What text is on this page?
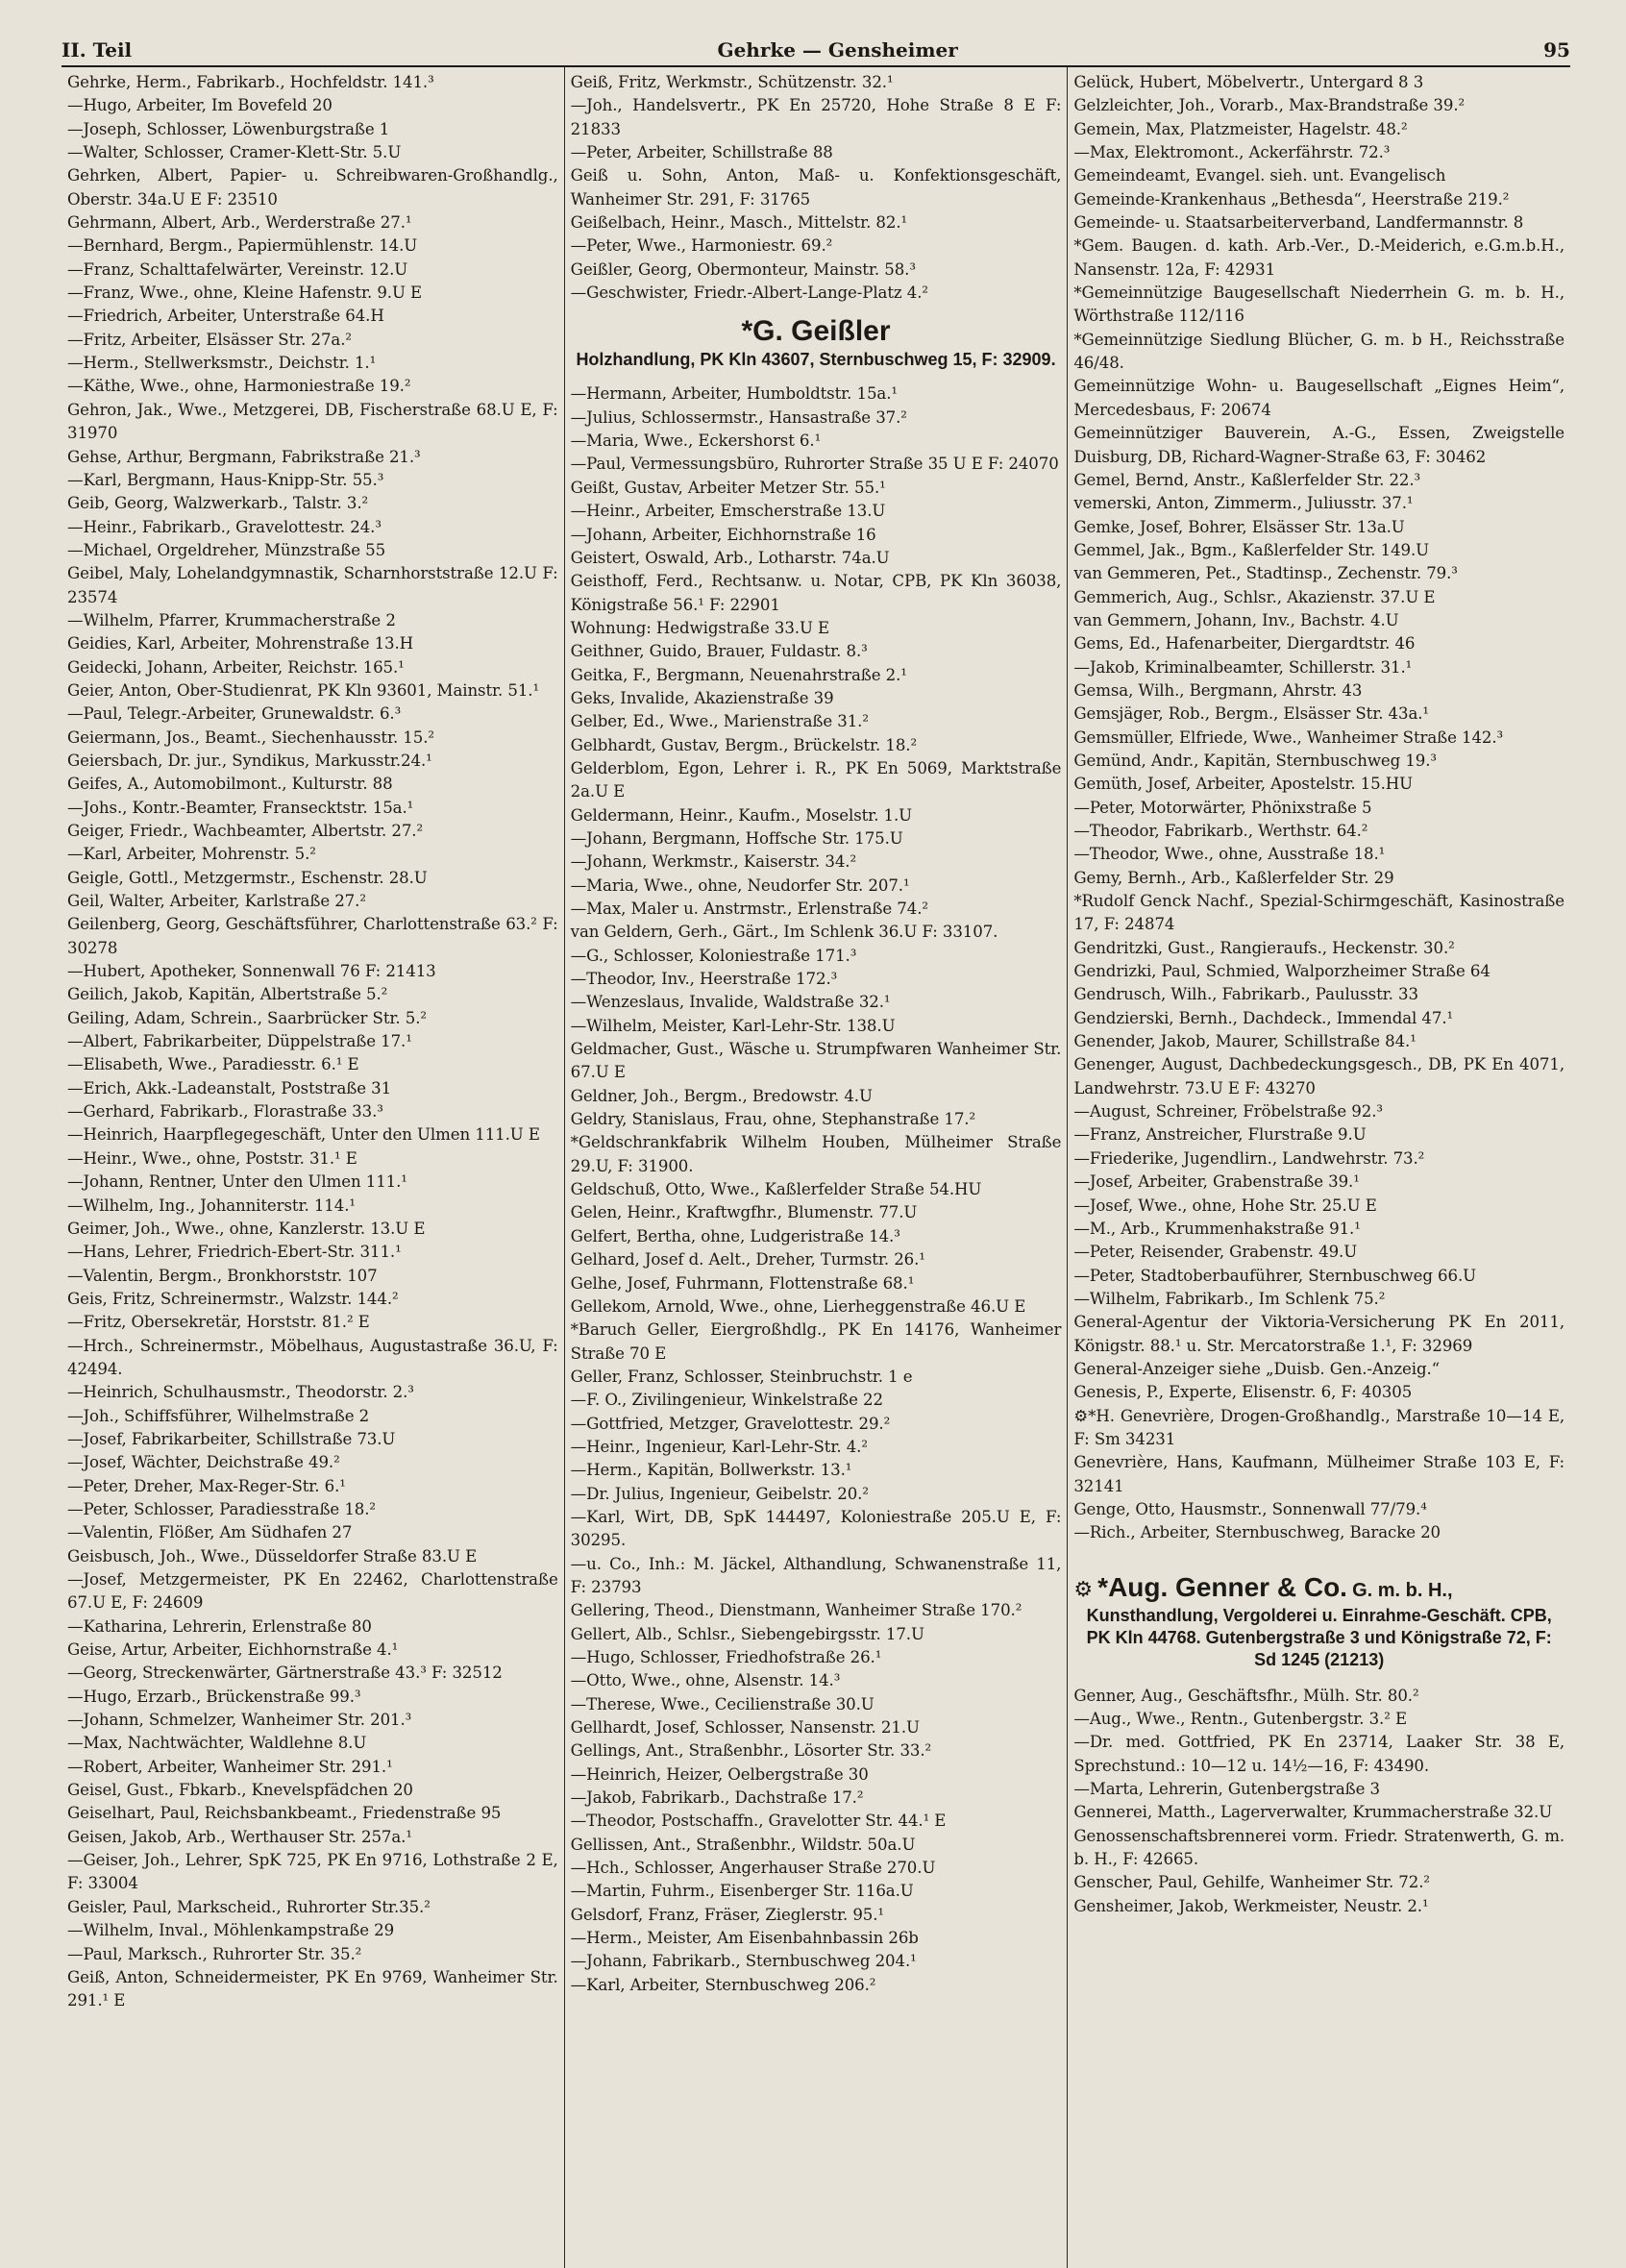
II. Teil	Gehrke — Gensheimer	95

Gehrke, Herm., Fabrikarb., Hochfeldstr. 141.³

—Hugo, Arbeiter, Im Bovefeld 20

—Joseph, Schlosser, Löwenburgstraße 1

—Walter, Schlosser, Cramer-Klett-Str. 5.U

Gehrken, Albert, Papier- u. Schreibwaren-Großhandlg., Oberstr. 34a.U E F: 23510

Gehrmann, Albert, Arb., Werderstraße 27.¹

—Bernhard, Bergm., Papiermühlenstr. 14.U

—Franz, Schalttafelwärter, Vereinstr. 12.U

—Franz, Wwe., ohne, Kleine Hafenstr. 9.U E

—Friedrich, Arbeiter, Unterstraße 64.H

—Fritz, Arbeiter, Elsässer Str. 27a.²

—Herm., Stellwerksmstr., Deichstr. 1.¹

—Käthe, Wwe., ohne, Harmoniestraße 19.²

Gehron, Jak., Wwe., Metzgerei, DB, Fischerstraße 68.U E, F: 31970

Gehse, Arthur, Bergmann, Fabrikstraße 21.³

—Karl, Bergmann, Haus-Knipp-Str. 55.³

Geib, Georg, Walzwerkarb., Talstr. 3.²

—Heinr., Fabrikarb., Gravelottestr. 24.³

—Michael, Orgeldreher, Münzstraße 55

Geibel, Maly, Lohelandgymnastik, Scharnhorststraße 12.U F: 23574

—Wilhelm, Pfarrer, Krummacherstraße 2

Geidies, Karl, Arbeiter, Mohrenstraße 13.H

Geidecki, Johann, Arbeiter, Reichstr. 165.¹

Geier, Anton, Ober-Studienrat, PK Kln 93601, Mainstr. 51.¹

—Paul, Telegr.-Arbeiter, Grunewaldstr. 6.³

Geiermann, Jos., Beamt., Siechenhausstr. 15.²

Geiersbach, Dr. jur., Syndikus, Markusstr.24.¹

Geifes, A., Automobilmont., Kulturstr. 88

—Johs., Kontr.-Beamter, Fransecktstr. 15a.¹

Geiger, Friedr., Wachbeamter, Albertstr. 27.²

—Karl, Arbeiter, Mohrenstr. 5.²

Geigle, Gottl., Metzgermstr., Eschenstr. 28.U

Geil, Walter, Arbeiter, Karlstraße 27.²

Geilenberg, Georg, Geschäftsführer, Charlottenstraße 63.² F: 30278

—Hubert, Apotheker, Sonnenwall 76 F: 21413

Geilich, Jakob, Kapitän, Albertstraße 5.²

Geiling, Adam, Schrein., Saarbrücker Str. 5.²

—Albert, Fabrikarbeiter, Düppelstraße 17.¹

—Elisabeth, Wwe., Paradiesstr. 6.¹ E

—Erich, Akk.-Ladeanstalt, Poststraße 31

—Gerhard, Fabrikarb., Florastraße 33.³

—Heinrich, Haarpflegegeschäft, Unter den Ulmen 111.U E

—Heinr., Wwe., ohne, Poststr. 31.¹ E

—Johann, Rentner, Unter den Ulmen 111.¹

—Wilhelm, Ing., Johanniterstr. 114.¹

Geimer, Joh., Wwe., ohne, Kanzlerstr. 13.U E

—Hans, Lehrer, Friedrich-Ebert-Str. 311.¹

—Valentin, Bergm., Bronkhorststr. 107

Geis, Fritz, Schreinermstr., Walzstr. 144.²

—Fritz, Obersekretär, Horststr. 81.² E

—Hrch., Schreinermstr., Möbelhaus, Augustastraße 36.U, F: 42494.

—Heinrich, Schulhausmstr., Theodorstr. 2.³

—Joh., Schiffsführer, Wilhelmstraße 2

—Josef, Fabrikarbeiter, Schillstraße 73.U

—Josef, Wächter, Deichstraße 49.²

—Peter, Dreher, Max-Reger-Str. 6.¹

—Peter, Schlosser, Paradiesstraße 18.²

—Valentin, Flößer, Am Südhafen 27

Geisbusch, Joh., Wwe., Düsseldorfer Straße 83.U E

—Josef, Metzgermeister, PK En 22462, Charlottenstraße 67.U E, F: 24609

—Katharina, Lehrerin, Erlenstraße 80

Geise, Artur, Arbeiter, Eichhornstraße 4.¹

—Georg, Streckenwärter, Gärtnerstraße 43.³ F: 32512

—Hugo, Erzarb., Brückenstraße 99.³

—Johann, Schmelzer, Wanheimer Str. 201.³

—Max, Nachtwächter, Waldlehne 8.U

—Robert, Arbeiter, Wanheimer Str. 291.¹

Geisel, Gust., Fbkarb., Knevelspfädchen 20

Geiselhart, Paul, Reichsbankbeamt., Friedenstraße 95

Geisen, Jakob, Arb., Werthauser Str. 257a.¹

—Geiser, Joh., Lehrer, SpK 725, PK En 9716, Lothstraße 2 E, F: 33004

Geisler, Paul, Markscheid., Ruhrorter Str.35.²

—Wilhelm, Inval., Möhlenkampstraße 29

—Paul, Marksch., Ruhrorter Str. 35.²

Geiß, Anton, Schneidermeister, PK En 9769, Wanheimer Str. 291.¹ E

Geiß, Fritz, Werkmstr., Schützenstr. 32.¹

—Joh., Handelsvertr., PK En 25720, Hohe Straße 8 E F: 21833

—Peter, Arbeiter, Schillstraße 88

Geiß u. Sohn, Anton, Maß- u. Konfektionsgeschäft, Wanheimer Str. 291, F: 31765

Geißelbach, Heinr., Masch., Mittelstr. 82.¹

—Peter, Wwe., Harmoniestr. 69.²

Geißler, Georg, Obermonteur, Mainstr. 58.³

—Geschwister, Friedr.-Albert-Lange-Platz 4.²

*G. Geißler
Holzhandlung, PK Kln 43607, Sternbuschweg 15, F: 32909.

—Hermann, Arbeiter, Humboldtstr. 15a.¹

—Julius, Schlossermstr., Hansastraße 37.²

—Maria, Wwe., Eckershorst 6.¹

—Paul, Vermessungsbüro, Ruhrorter Straße 35 U E F: 24070

Geißt, Gustav, Arbeiter Metzer Str. 55.¹

—Heinr., Arbeiter, Emscherstraße 13.U

—Johann, Arbeiter, Eichhornstraße 16

Geistert, Oswald, Arb., Lotharstr. 74a.U

Geisthoff, Ferd., Rechtsanw. u. Notar, CPB, PK Kln 36038, Königstraße 56.¹ F: 22901

Wohnung: Hedwigstraße 33.U E

Geithner, Guido, Brauer, Fuldastr. 8.³

Geitka, F., Bergmann, Neuenahrstraße 2.¹

Geks, Invalide, Akazienstraße 39

Gelber, Ed., Wwe., Marienstraße 31.²

Gelbhardt, Gustav, Bergm., Brückelstr. 18.²

Gelderblom, Egon, Lehrer i. R., PK En 5069, Marktstraße 2a.U E

Geldermann, Heinr., Kaufm., Moselstr. 1.U

—Johann, Bergmann, Hoffsche Str. 175.U

—Johann, Werkmstr., Kaiserstr. 34.²

—Maria, Wwe., ohne, Neudorfer Str. 207.¹

—Max, Maler u. Anstrmstr., Erlenstraße 74.²

van Geldern, Gerh., Gärt., Im Schlenk 36.U F: 33107.

—G., Schlosser, Koloniestraße 171.³

—Theodor, Inv., Heerstraße 172.³

—Wenzeslaus, Invalide, Waldstraße 32.¹

—Wilhelm, Meister, Karl-Lehr-Str. 138.U

Geldmacher, Gust., Wäsche u. Strumpfwaren Wanheimer Str. 67.U E

Geldner, Joh., Bergm., Bredowstr. 4.U

Geldry, Stanislaus, Frau, ohne, Stephanstraße 17.²

*Geldschrankfabrik Wilhelm Houben, Mülheimer Straße 29.U, F: 31900.

Geldschuß, Otto, Wwe., Kaßlerfelder Straße 54.HU

Gelen, Heinr., Kraftwgfhr., Blumenstr. 77.U

Gelfert, Bertha, ohne, Ludgeristraße 14.³

Gelhard, Josef d. Aelt., Dreher, Turmstr. 26.¹

Gelhe, Josef, Fuhrmann, Flottenstraße 68.¹

Gellekom, Arnold, Wwe., ohne, Lierheggenstraße 46.U E

*Baruch Geller, Eiergroßhdlg., PK En 14176, Wanheimer Straße 70 E

Geller, Franz, Schlosser, Steinbruchstr. 1 e

—F. O., Zivilingenieur, Winkelstraße 22

—Gottfried, Metzger, Gravelottestr. 29.²

—Heinr., Ingenieur, Karl-Lehr-Str. 4.²

—Herm., Kapitän, Bollwerkstr. 13.¹

—Dr. Julius, Ingenieur, Geibelstr. 20.²

—Karl, Wirt, DB, SpK 144497, Koloniestraße 205.U E, F: 30295.

—u. Co., Inh.: M. Jäckel, Althandlung, Schwanenstraße 11, F: 23793

Gellering, Theod., Dienstmann, Wanheimer Straße 170.²

Gellert, Alb., Schlsr., Siebengebirgsstr. 17.U

—Hugo, Schlosser, Friedhofstraße 26.¹

—Otto, Wwe., ohne, Alsenstr. 14.³

—Therese, Wwe., Cecilienstraße 30.U

Gellhardt, Josef, Schlosser, Nansenstr. 21.U

Gellings, Ant., Straßenbhr., Lösorter Str. 33.²

—Heinrich, Heizer, Oelbergstraße 30

—Jakob, Fabrikarb., Dachstraße 17.²

—Theodor, Postschaffn., Gravelotter Str. 44.¹ E

Gellissen, Ant., Straßenbhr., Wildstr. 50a.U

—Hch., Schlosser, Angerhauser Straße 270.U

—Martin, Fuhrm., Eisenberger Str. 116a.U

Gelsdorf, Franz, Fräser, Zieglerstr. 95.¹

—Herm., Meister, Am Eisenbahnbassin 26b

—Johann, Fabrikarb., Sternbuschweg 204.¹

—Karl, Arbeiter, Sternbuschweg 206.²

Gelück, Hubert, Möbelvertr., Untergard 8 3

Gelzleichter, Joh., Vorarb., Max-Brandstraße 39.²

Gemein, Max, Platzmeister, Hagelstr. 48.²

—Max, Elektromont., Ackerfährstr. 72.³

Gemeindeamt, Evangel. sieh. unt. Evangelisch

Gemeinde-Krankenhaus „Bethesda“, Heerstraße 219.²

Gemeinde- u. Staatsarbeiterverband, Landfermannstr. 8

*Gem. Baugen. d. kath. Arb.-Ver., D.-Meiderich, e.G.m.b.H., Nansenstr. 12a, F: 42931

*Gemeinnützige Baugesellschaft Niederrhein G. m. b. H., Wörthstraße 112/116

*Gemeinnützige Siedlung Blücher, G. m. b H., Reichsstraße 46/48.

Gemeinnützige Wohn- u. Baugesellschaft „Eignes Heim“, Mercedesbaus, F: 20674

Gemeinnütziger Bauverein, A.-G., Essen, Zweigstelle Duisburg, DB, Richard-Wagner-Straße 63, F: 30462

Gemel, Bernd, Anstr., Kaßlerfelder Str. 22.³

vemerski, Anton, Zimmerm., Juliusstr. 37.¹

Gemke, Josef, Bohrer, Elsässer Str. 13a.U

Gemmel, Jak., Bgm., Kaßlerfelder Str. 149.U

van Gemmeren, Pet., Stadtinsp., Zechenstr. 79.³

Gemmerich, Aug., Schlsr., Akazienstr. 37.U E

van Gemmern, Johann, Inv., Bachstr. 4.U

Gems, Ed., Hafenarbeiter, Diergardtstr. 46

—Jakob, Kriminalbeamter, Schillerstr. 31.¹

Gemsa, Wilh., Bergmann, Ahrstr. 43

Gemsjäger, Rob., Bergm., Elsässer Str. 43a.¹

Gemsmüller, Elfriede, Wwe., Wanheimer Straße 142.³

Gemünd, Andr., Kapitän, Sternbuschweg 19.³

Gemüth, Josef, Arbeiter, Apostelstr. 15.HU

—Peter, Motorwärter, Phönixstraße 5

—Theodor, Fabrikarb., Werthstr. 64.²

—Theodor, Wwe., ohne, Ausstraße 18.¹

Gemy, Bernh., Arb., Kaßlerfelder Str. 29

*Rudolf Genck Nachf., Spezial-Schirmgeschäft, Kasinostraße 17, F: 24874

Gendritzki, Gust., Rangieraufs., Heckenstr. 30.²

Gendrizki, Paul, Schmied, Walporzheimer Straße 64

Gendrusch, Wilh., Fabrikarb., Paulusstr. 33

Gendzierski, Bernh., Dachdeck., Immendal 47.¹

Genender, Jakob, Maurer, Schillstraße 84.¹

Genenger, August, Dachbedeckungsgesch., DB, PK En 4071, Landwehrstr. 73.U E F: 43270

—August, Schreiner, Fröbelstraße 92.³

—Franz, Anstreicher, Flurstraße 9.U

—Friederike, Jugendlirn., Landwehrstr. 73.²

—Josef, Arbeiter, Grabenstraße 39.¹

—Josef, Wwe., ohne, Hohe Str. 25.U E

—M., Arb., Krummenhakstraße 91.¹

—Peter, Reisender, Grabenstr. 49.U

—Peter, Stadtoberbauführer, Sternbuschweg 66.U

—Wilhelm, Fabrikarb., Im Schlenk 75.²

General-Agentur der Viktoria-Versicherung PK En 2011, Königstr. 88.¹ u. Str. Mercatorstraße 1.¹, F: 32969

General-Anzeiger siehe „Duisb. Gen.-Anzeig.“

Genesis, P., Experte, Elisenstr. 6, F: 40305

⚙*H. Genevrière, Drogen-Großhandlg., Marstraße 10—14 E, F: Sm 34231

Genevrière, Hans, Kaufmann, Mülheimer Straße 103 E, F: 32141

Genge, Otto, Hausmstr., Sonnenwall 77/79.⁴

—Rich., Arbeiter, Sternbuschweg, Baracke 20

⚙ *Aug. Genner & Co. G. m. b. H.,
Kunsthandlung, Vergolderei u. Einrahme-Geschäft. CPB, PK Kln 44768. Gutenbergstraße 3 und Königstraße 72, F: Sd 1245 (21213)

Genner, Aug., Geschäftsfhr., Mülh. Str. 80.²

—Aug., Wwe., Rentn., Gutenbergstr. 3.² E

—Dr. med. Gottfried, PK En 23714, Laaker Str. 38 E, Sprechstund.: 10—12 u. 14½—16, F: 43490.

—Marta, Lehrerin, Gutenbergstraße 3

Gennerei, Matth., Lagerverwalter, Krummacherstraße 32.U

Genossenschaftsbrennerei vorm. Friedr. Stratenwerth, G. m. b. H., F: 42665.

Genscher, Paul, Gehilfe, Wanheimer Str. 72.²

Gensheimer, Jakob, Werkmeister, Neustr. 2.¹
